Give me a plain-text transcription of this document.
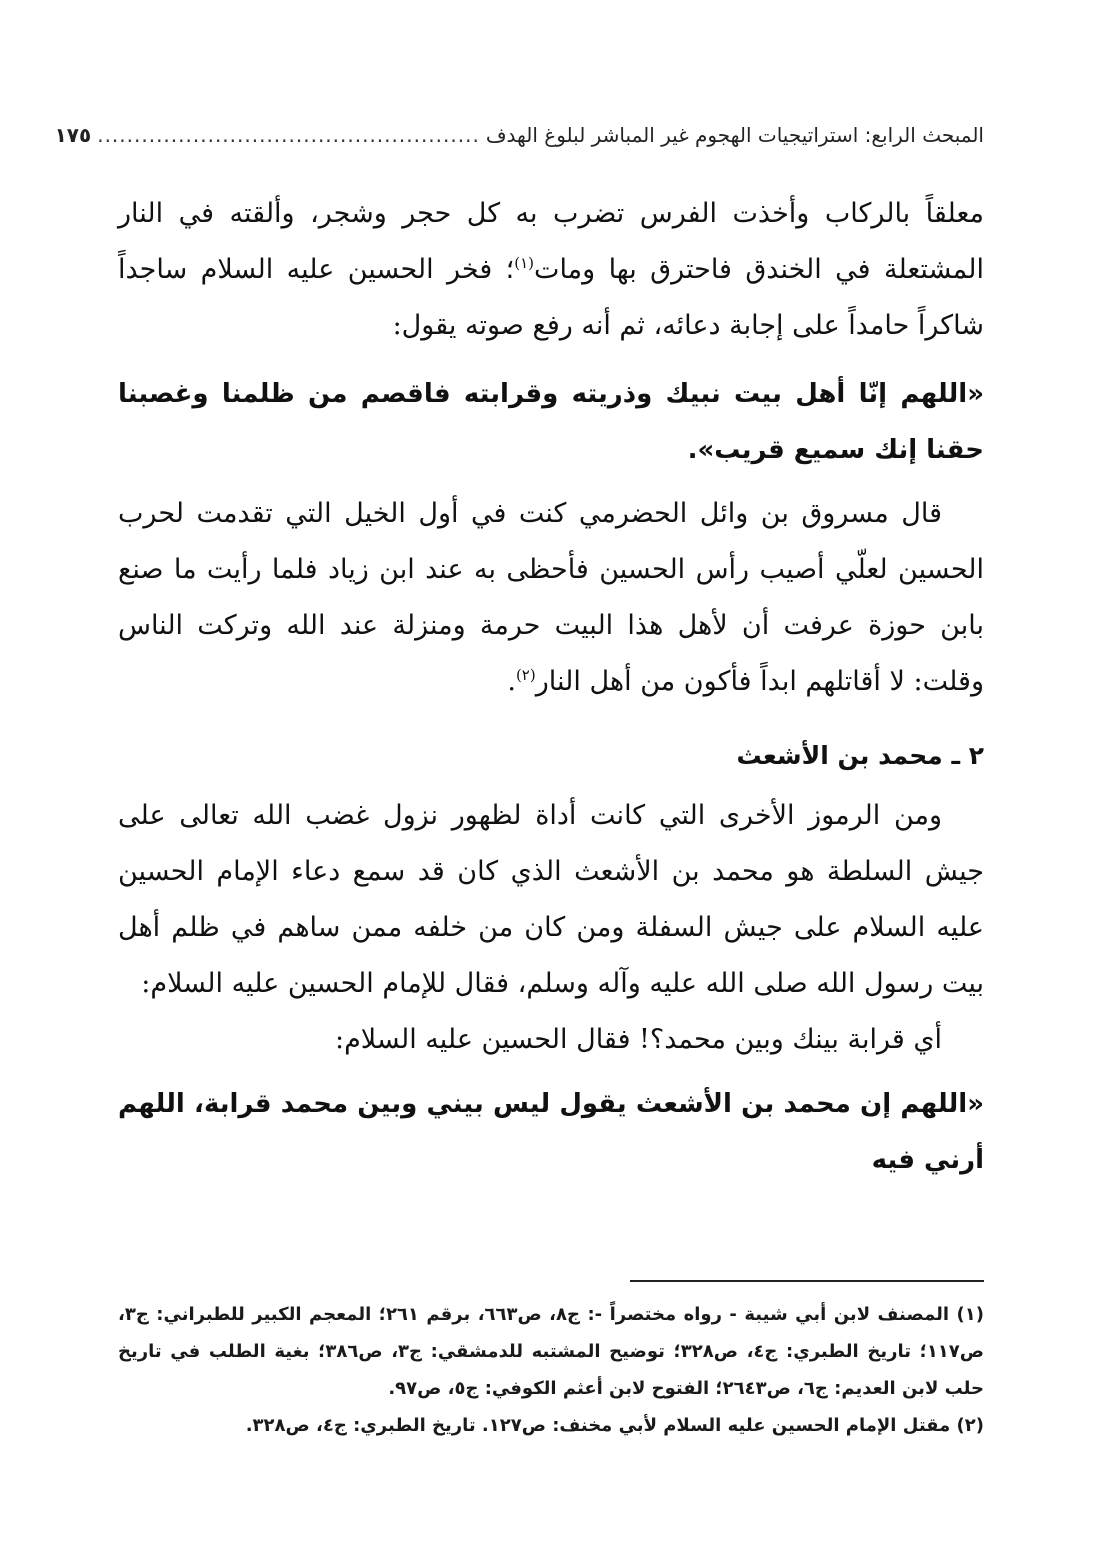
المبحث الرابع: استراتيجيات الهجوم غير المباشر لبلوغ الهدف
....................................................
١٧٥

معلقاً بالركاب وأخذت الفرس تضرب به كل حجر وشجر، وألقته في النار المشتعلة في الخندق فاحترق بها ومات$^{(١)}$؛ فخر الحسين عليه السلام ساجداً شاكراً حامداً على إجابة دعائه، ثم أنه رفع صوته يقول:

«اللهم إنّا أهل بيت نبيك وذريته وقرابته فاقصم من ظلمنا وغصبنا حقنا إنك سميع قريب».

قال مسروق بن وائل الحضرمي كنت في أول الخيل التي تقدمت لحرب الحسين لعلّي أصيب رأس الحسين فأحظى به عند ابن زياد فلما رأيت ما صنع بابن حوزة عرفت أن لأهل هذا البيت حرمة ومنزلة عند الله وتركت الناس وقلت: لا أقاتلهم ابداً فأكون من أهل النار$^{(٢)}$.

٢ ـ محمد بن الأشعث

ومن الرموز الأخرى التي كانت أداة لظهور نزول غضب الله تعالى على جيش السلطة هو محمد بن الأشعث الذي كان قد سمع دعاء الإمام الحسين عليه السلام على جيش السفلة ومن كان من خلفه ممن ساهم في ظلم أهل بيت رسول الله صلى الله عليه وآله وسلم، فقال للإمام الحسين عليه السلام:

أي قرابة بينك وبين محمد؟! فقال الحسين عليه السلام:

«اللهم إن محمد بن الأشعث يقول ليس بيني وبين محمد قرابة، اللهم أرني فيه

(١) المصنف لابن أبي شيبة - رواه مختصراً -: ج٨، ص٦٦٣، برقم ٢٦١؛ المعجم الكبير للطبراني: ج٣، ص١١٧؛ تاريخ الطبري: ج٤، ص٣٢٨؛ توضيح المشتبه للدمشقي: ج٣، ص٣٨٦؛ بغية الطلب في تاريخ حلب لابن العديم: ج٦، ص٢٦٤٣؛ الفتوح لابن أعثم الكوفي: ج٥، ص٩٧.

(٢) مقتل الإمام الحسين عليه السلام لأبي مخنف: ص١٢٧. تاريخ الطبري: ج٤، ص٣٢٨.
